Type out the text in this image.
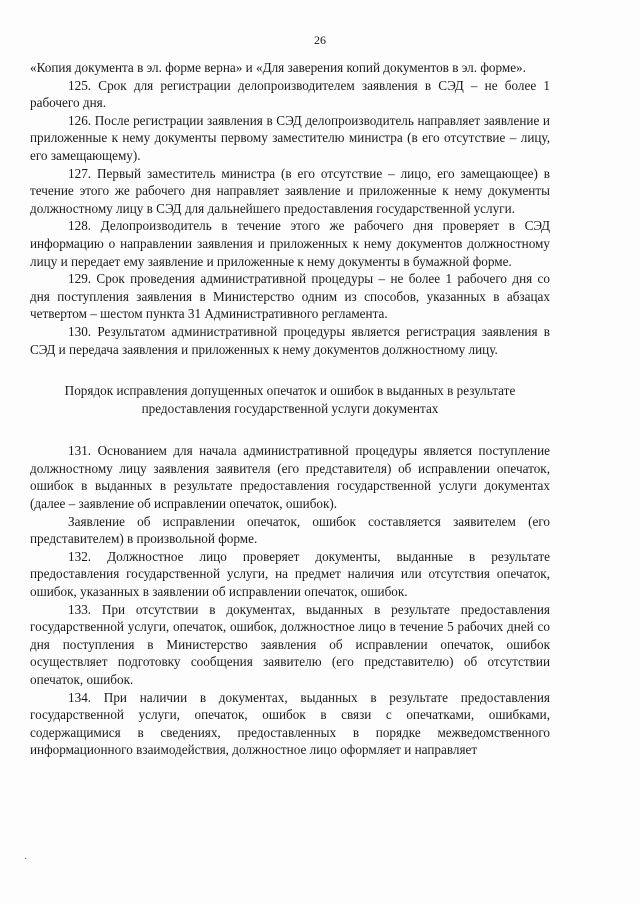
26

«Копия документа в эл. форме верна» и «Для заверения копий документов в эл. форме».

125. Срок для регистрации делопроизводителем заявления в СЭД – не более 1 рабочего дня.

126. После регистрации заявления в СЭД делопроизводитель направляет заявление и приложенные к нему документы первому заместителю министра (в его отсутствие – лицу, его замещающему).

127. Первый заместитель министра (в его отсутствие – лицо, его замещающее) в течение этого же рабочего дня направляет заявление и приложенные к нему документы должностному лицу в СЭД для дальнейшего предоставления государственной услуги.

128. Делопроизводитель в течение этого же рабочего дня проверяет в СЭД информацию о направлении заявления и приложенных к нему документов должностному лицу и передает ему заявление и приложенные к нему документы в бумажной форме.

129. Срок проведения административной процедуры – не более 1 рабочего дня со дня поступления заявления в Министерство одним из способов, указанных в абзацах четвертом – шестом пункта 31 Административного регламента.

130. Результатом административной процедуры является регистрация заявления в СЭД и передача заявления и приложенных к нему документов должностному лицу.

Порядок исправления допущенных опечаток и ошибок в выданных в результате
предоставления государственной услуги документах

131. Основанием для начала административной процедуры является поступление должностному лицу заявления заявителя (его представителя) об исправлении опечаток, ошибок в выданных в результате предоставления государственной услуги документах (далее – заявление об исправлении опечаток, ошибок).

Заявление об исправлении опечаток, ошибок составляется заявителем (его представителем) в произвольной форме.

132. Должностное лицо проверяет документы, выданные в результате предоставления государственной услуги, на предмет наличия или отсутствия опечаток, ошибок, указанных в заявлении об исправлении опечаток, ошибок.

133. При отсутствии в документах, выданных в результате предоставления государственной услуги, опечаток, ошибок, должностное лицо в течение 5 рабочих дней со дня поступления в Министерство заявления об исправлении опечаток, ошибок осуществляет подготовку сообщения заявителю (его представителю) об отсутствии опечаток, ошибок.

134. При наличии в документах, выданных в результате предоставления государственной услуги, опечаток, ошибок в связи с опечатками, ошибками, содержащимися в сведениях, предоставленных в порядке межведомственного информационного взаимодействия, должностное лицо оформляет и направляет

·
